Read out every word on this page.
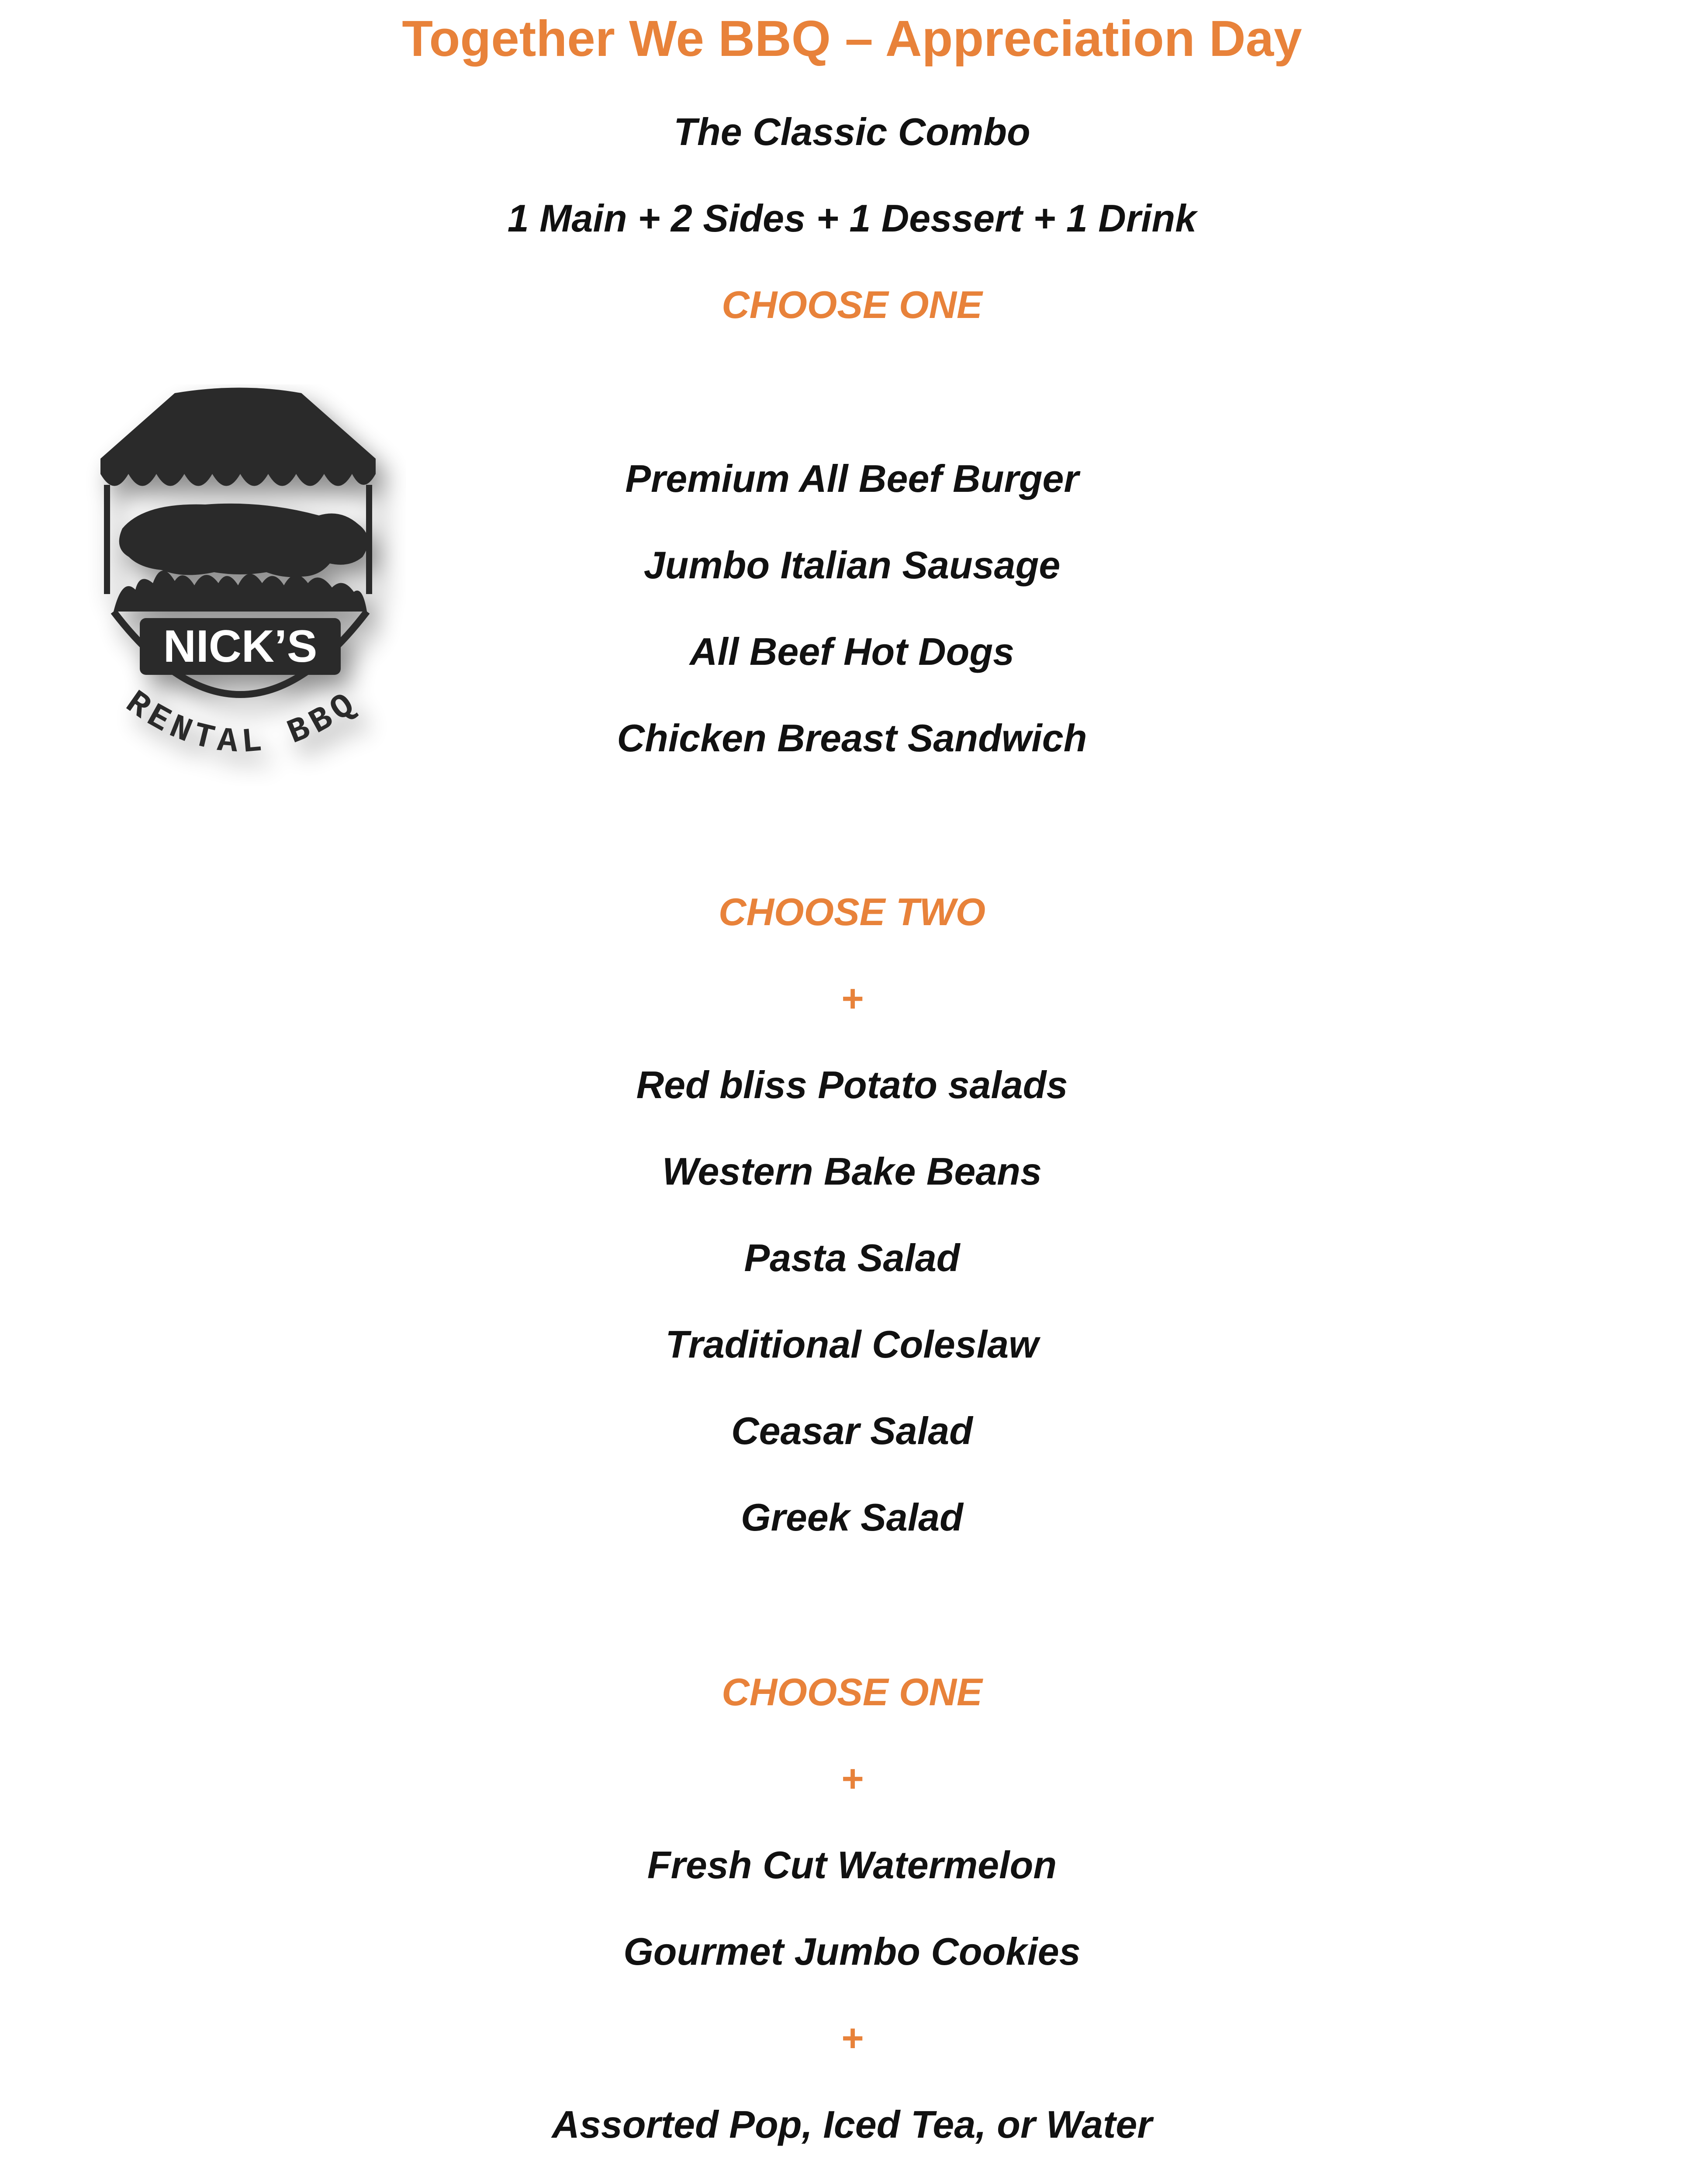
Together We BBQ – Appreciation Day
The Classic Combo
1 Main + 2 Sides + 1 Dessert + 1 Drink
CHOOSE ONE
Premium All Beef Burger
Jumbo Italian Sausage
All Beef Hot Dogs
Chicken Breast Sandwich
CHOOSE TWO
+
Red bliss Potato salads
Western Bake Beans
Pasta Salad
Traditional Coleslaw
Ceasar Salad
Greek Salad
CHOOSE ONE
+
Fresh Cut Watermelon
Gourmet Jumbo Cookies
+
Assorted Pop, Iced Tea, or Water
NICK’S
RENTAL BBQ
